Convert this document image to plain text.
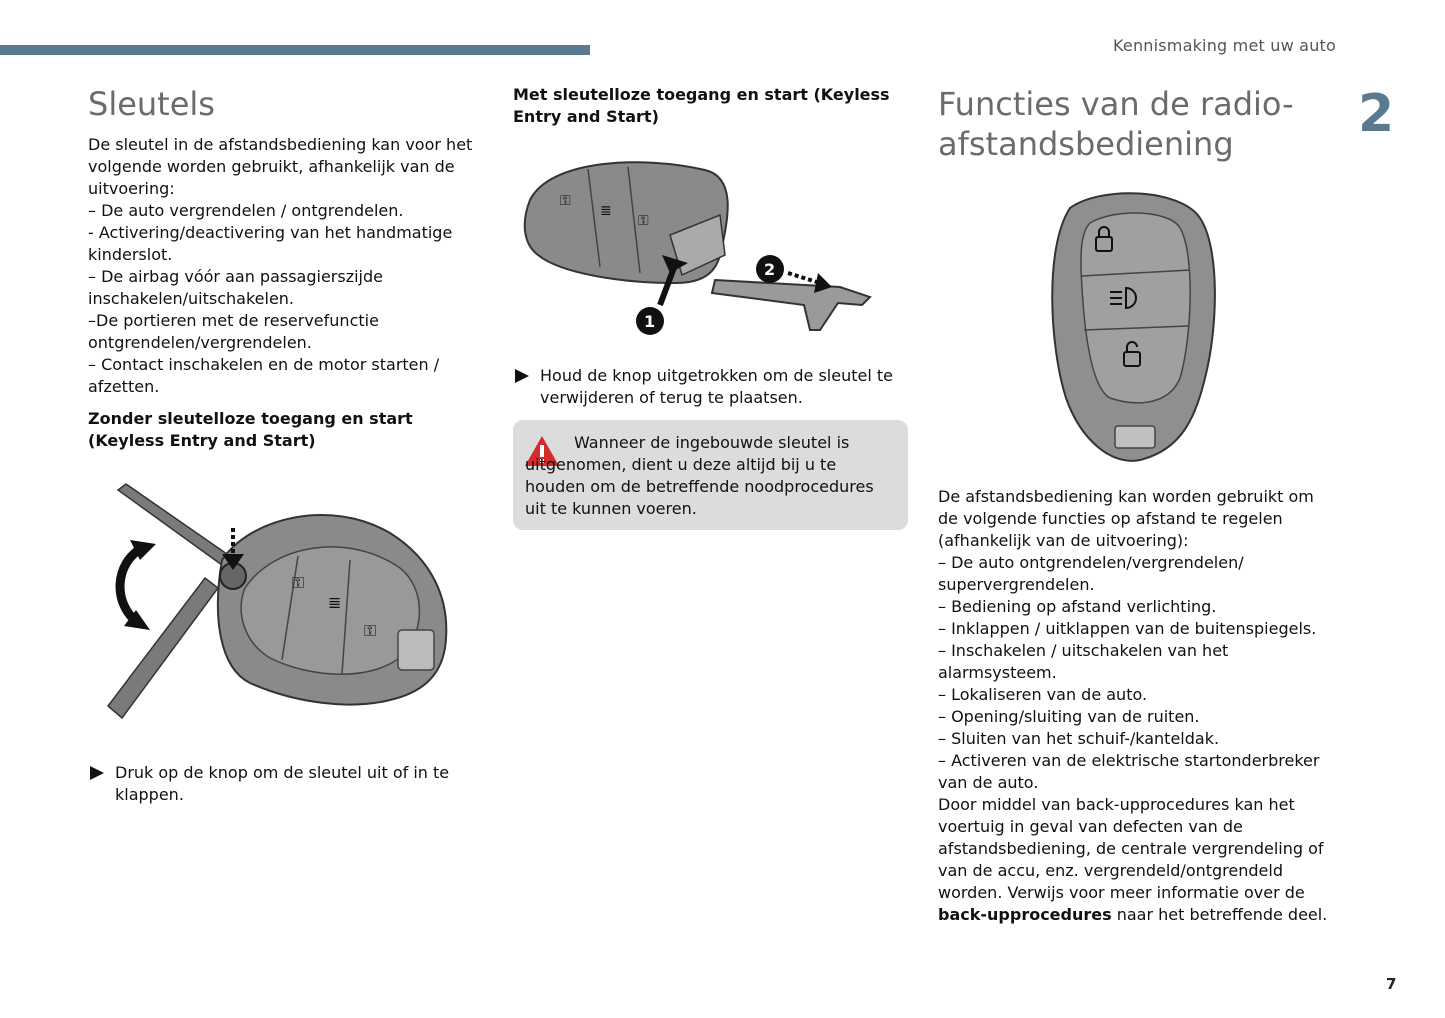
Kennismaking met uw auto
2
Sleutels

De sleutel in de afstandsbediening kan voor het volgende worden gebruikt, afhankelijk van de uitvoering:

– De auto vergrendelen / ontgrendelen.

- Activering/deactivering van het handmatige kinderslot.

– De airbag vóór aan passagierszijde inschakelen/uitschakelen.

–De portieren met de reservefunctie ontgrendelen/vergrendelen.

– Contact inschakelen en de motor starten / afzetten.

Zonder sleutelloze toegang en start (Keyless Entry and Start)

⚿
≣
⚿
Druk op de knop om de sleutel uit of in te klappen.

Met sleutelloze toegang en start (Keyless Entry and Start)

1
2
⚿
≣
⚿
Houd de knop uitgetrokken om de sleutel te verwijderen of terug te plaatsen.

Wanneer de ingebouwde sleutel is uitgenomen, dient u deze altijd bij u te houden om de betreffende noodprocedures uit te kunnen voeren.

Functies van de radio-afstandsbediening

De afstandsbediening kan worden gebruikt om de volgende functies op afstand te regelen (afhankelijk van de uitvoering):

– De auto ontgrendelen/vergrendelen/ supervergrendelen.

– Bediening op afstand verlichting.

– Inklappen / uitklappen van de buitenspiegels.

– Inschakelen / uitschakelen van het alarmsysteem.

– Lokaliseren van de auto.

– Opening/sluiting van de ruiten.

– Sluiten van het schuif-/kanteldak.

– Activeren van de elektrische startonderbreker van de auto.

Door middel van back-upprocedures kan het voertuig in geval van defecten van de afstandsbediening, de centrale vergrendeling of van de accu, enz. vergrendeld/ontgrendeld worden. Verwijs voor meer informatie over de back-upprocedures naar het betreffende deel.

7
